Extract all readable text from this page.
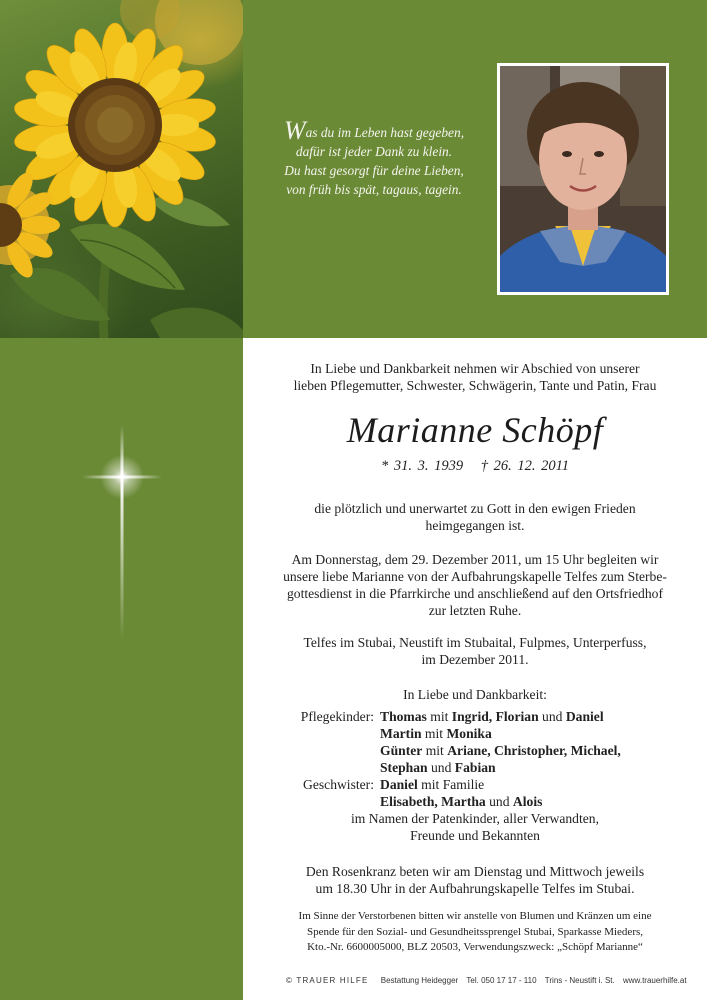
Was du im Leben hast gegeben,
dafür ist jeder Dank zu klein.
Du hast gesorgt für deine Lieben,
von früh bis spät, tagaus, tagein.
In Liebe und Dankbarkeit nehmen wir Abschied von unserer
lieben Pflegemutter, Schwester, Schwägerin, Tante und Patin, Frau
Marianne Schöpf
* 31. 3. 1939 † 26. 12. 2011
die plötzlich und unerwartet zu Gott in den ewigen Frieden
heimgegangen ist.
Am Donnerstag, dem 29. Dezember 2011, um 15 Uhr begleiten wir
unsere liebe Marianne von der Aufbahrungskapelle Telfes zum Sterbe-
gottesdienst in die Pfarrkirche und anschließend auf den Ortsfriedhof
zur letzten Ruhe.
Telfes im Stubai, Neustift im Stubaital, Fulpmes, Unterperfuss,
im Dezember 2011.
In Liebe und Dankbarkeit:
Pflegekinder: Thomas mit Ingrid, Florian und Daniel
Martin mit Monika
Günter mit Ariane, Christopher, Michael,
Stephan und Fabian
Geschwister: Daniel mit Familie
Elisabeth, Martha und Alois
im Namen der Patenkinder, aller Verwandten,
Freunde und Bekannten
Den Rosenkranz beten wir am Dienstag und Mittwoch jeweils
um 18.30 Uhr in der Aufbahrungskapelle Telfes im Stubai.
Im Sinne der Verstorbenen bitten wir anstelle von Blumen und Kränzen um eine
Spende für den Sozial- und Gesundheitssprengel Stubai, Sparkasse Mieders,
Kto.-Nr. 6600005000, BLZ 20503, Verwendungszweck: „Schöpf Marianne“
© TRAUER HILFE Bestattung Heidegger Tel. 050 17 17 - 110 Trins - Neustift i. St. www.trauerhilfe.at
